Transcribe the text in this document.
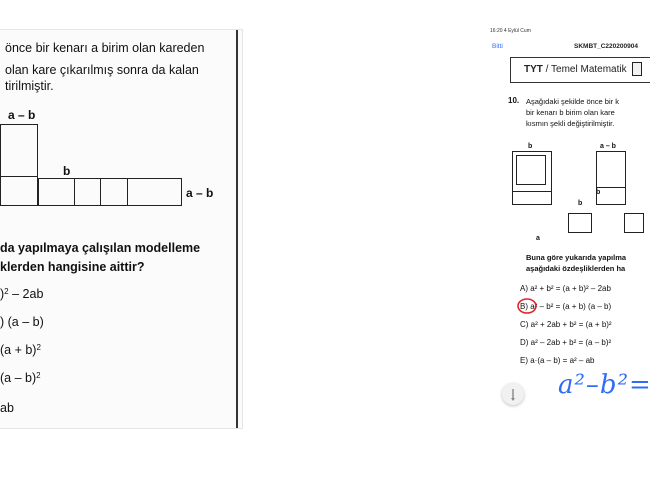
önce bir kenarı a birim olan kareden
olan kare çıkarılmış sonra da kalan
tirilmiştir.
a – b
b
a – b
da yapılmaya çalışılan modelleme
klerden hangisine aittir?
)$^2$ – 2ab
) (a – b)
$(a + b)^2$
(a – b)$^2$
ab
16:20 4 Eylül Cum
Bitti	SKMBT_C220200904
TYT / Temel Matematik
10. Aşağıdaki şekilde önce bir k
bir kenarı b birim olan kare
kısmın şekli değiştirilmiştir.
b	a – b
b
b
a
Buna göre yukarıda yapılma
aşağıdaki özdeşliklerden ha
A) a² + b² = (a + b)² – 2ab
B) a² – b² = (a + b) (a – b)
C) a² + 2ab + b² = (a + b)²
D) a² – 2ab + b² = (a – b)²
E) a·(a – b) = a² – ab
a²–b²=
